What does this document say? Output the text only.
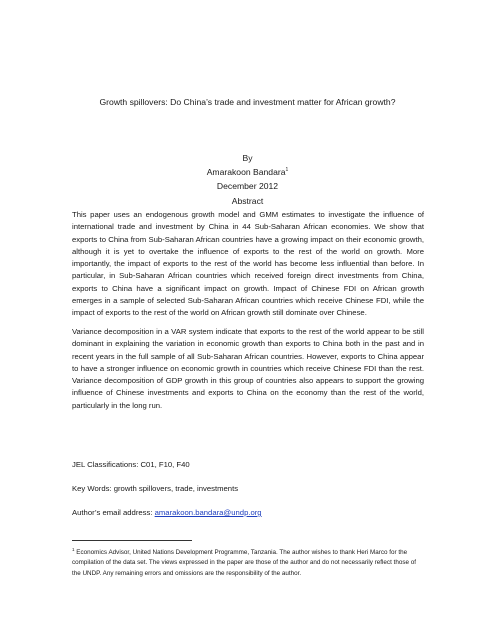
Growth spillovers: Do China’s trade and investment matter for African growth?
By
Amarakoon Bandara$^1$
December 2012
Abstract

This paper uses an endogenous growth model and GMM estimates to investigate the influence of international trade and investment by China in 44 Sub-Saharan African economies. We show that exports to China from Sub-Saharan African countries have a growing impact on their economic growth, although it is yet to overtake the influence of exports to the rest of the world on growth. More importantly, the impact of exports to the rest of the world has become less influential than before. In particular, in Sub-Saharan African countries which received foreign direct investments from China, exports to China have a significant impact on growth. Impact of Chinese FDI on African growth emerges in a sample of selected Sub-Saharan African countries which receive Chinese FDI, while the impact of exports to the rest of the world on African growth still dominate over Chinese.

Variance decomposition in a VAR system indicate that exports to the rest of the world appear to be still dominant in explaining the variation in economic growth than exports to China both in the past and in recent years in the full sample of all Sub-Saharan African countries. However, exports to China appear to have a stronger influence on economic growth in countries which receive Chinese FDI than the rest. Variance decomposition of GDP growth in this group of countries also appears to support the growing influence of Chinese investments and exports to China on the economy than the rest of the world, particularly in the long run.

JEL Classifications: C01, F10, F40
Key Words: growth spillovers, trade, investments
Author’s email address: amarakoon.bandara@undp.org

$^1$ Economics Advisor, United Nations Development Programme, Tanzania. The author wishes to thank Heri Marco for the compilation of the data set. The views expressed in the paper are those of the author and do not necessarily reflect those of the UNDP. Any remaining errors and omissions are the responsibility of the author.
